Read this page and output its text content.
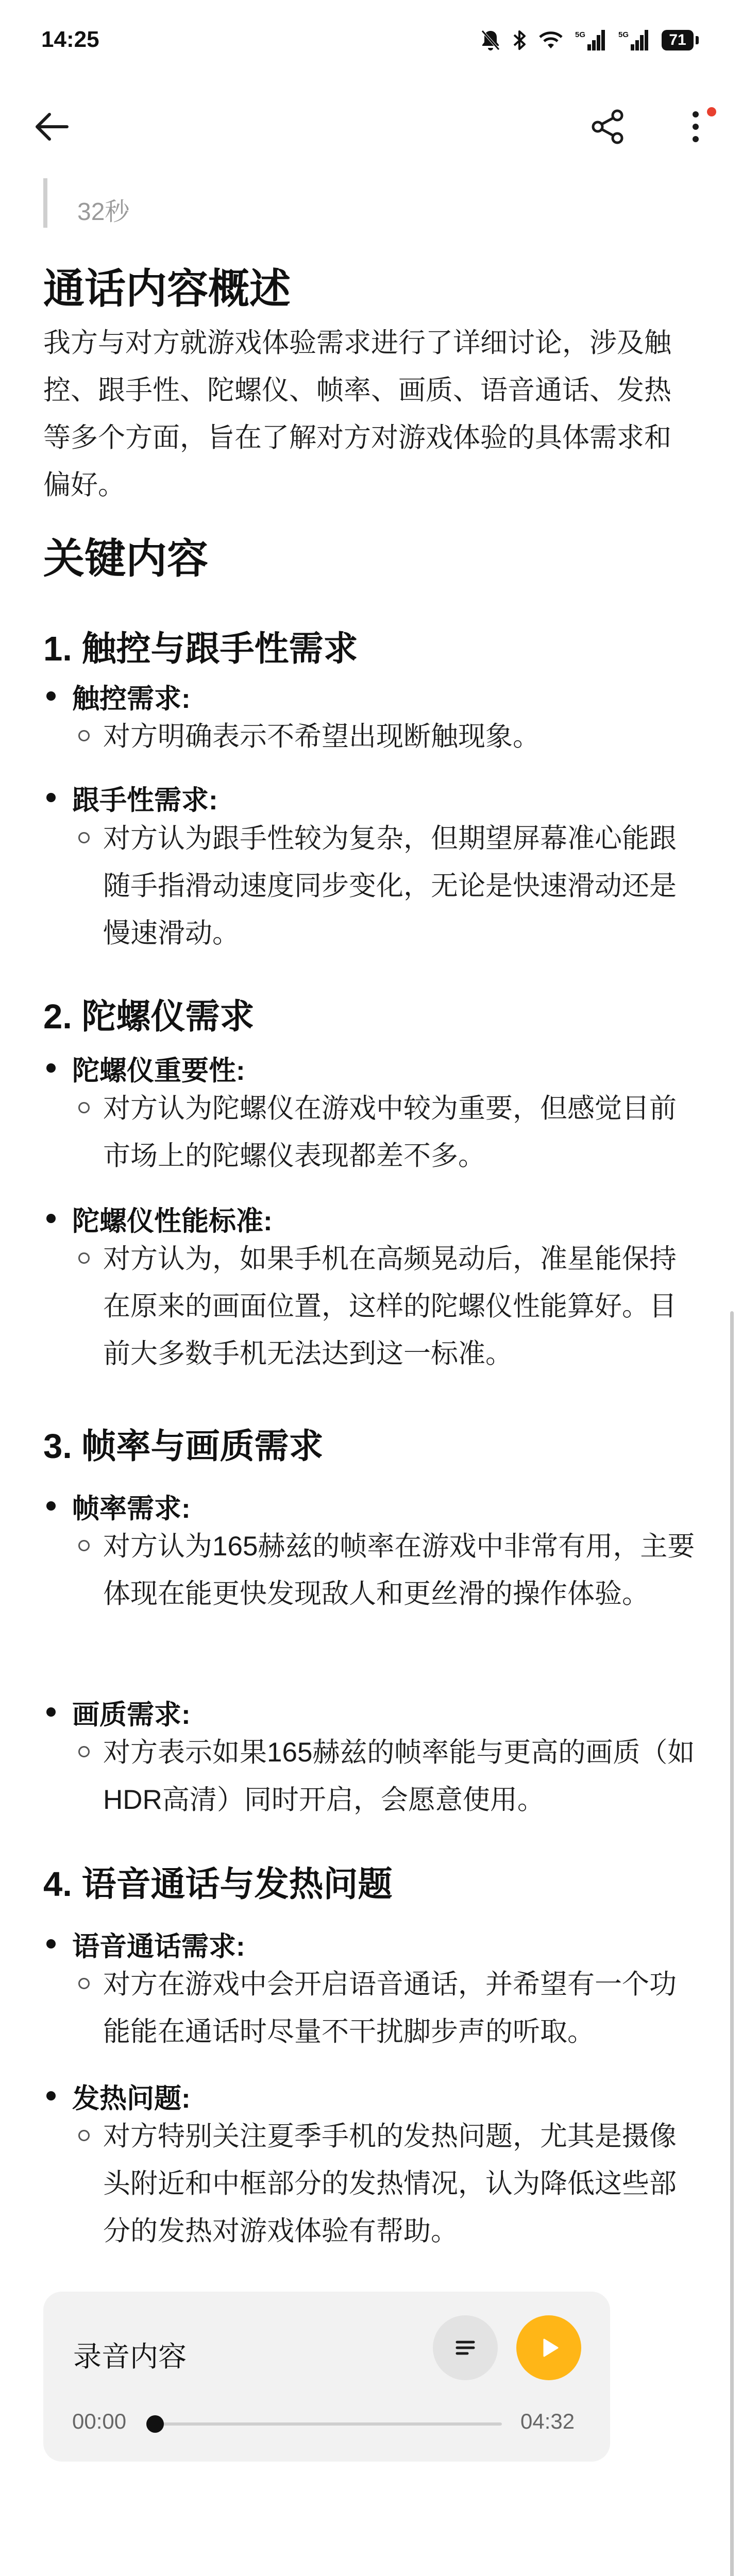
14:25	5G	5G	71
32秒
通话内容概述
我方与对方就游戏体验需求进行了详细讨论，涉及触控、跟手性、陀螺仪、帧率、画质、语音通话、发热等多个方面，旨在了解对方对游戏体验的具体需求和偏好。
关键内容
1. 触控与跟手性需求
触控需求:
对方明确表示不希望出现断触现象。
跟手性需求:
对方认为跟手性较为复杂，但期望屏幕准心能跟随手指滑动速度同步变化，无论是快速滑动还是慢速滑动。
2. 陀螺仪需求
陀螺仪重要性:
对方认为陀螺仪在游戏中较为重要，但感觉目前市场上的陀螺仪表现都差不多。
陀螺仪性能标准:
对方认为，如果手机在高频晃动后，准星能保持在原来的画面位置，这样的陀螺仪性能算好。目前大多数手机无法达到这一标准。
3. 帧率与画质需求
帧率需求:
对方认为165赫兹的帧率在游戏中非常有用，主要体现在能更快发现敌人和更丝滑的操作体验。
画质需求:
对方表示如果165赫兹的帧率能与更高的画质（如HDR高清）同时开启，会愿意使用。
4. 语音通话与发热问题
语音通话需求:
对方在游戏中会开启语音通话，并希望有一个功能能在通话时尽量不干扰脚步声的听取。
发热问题:
对方特别关注夏季手机的发热问题，尤其是摄像头附近和中框部分的发热情况，认为降低这些部分的发热对游戏体验有帮助。
录音内容
00:00	04:32
